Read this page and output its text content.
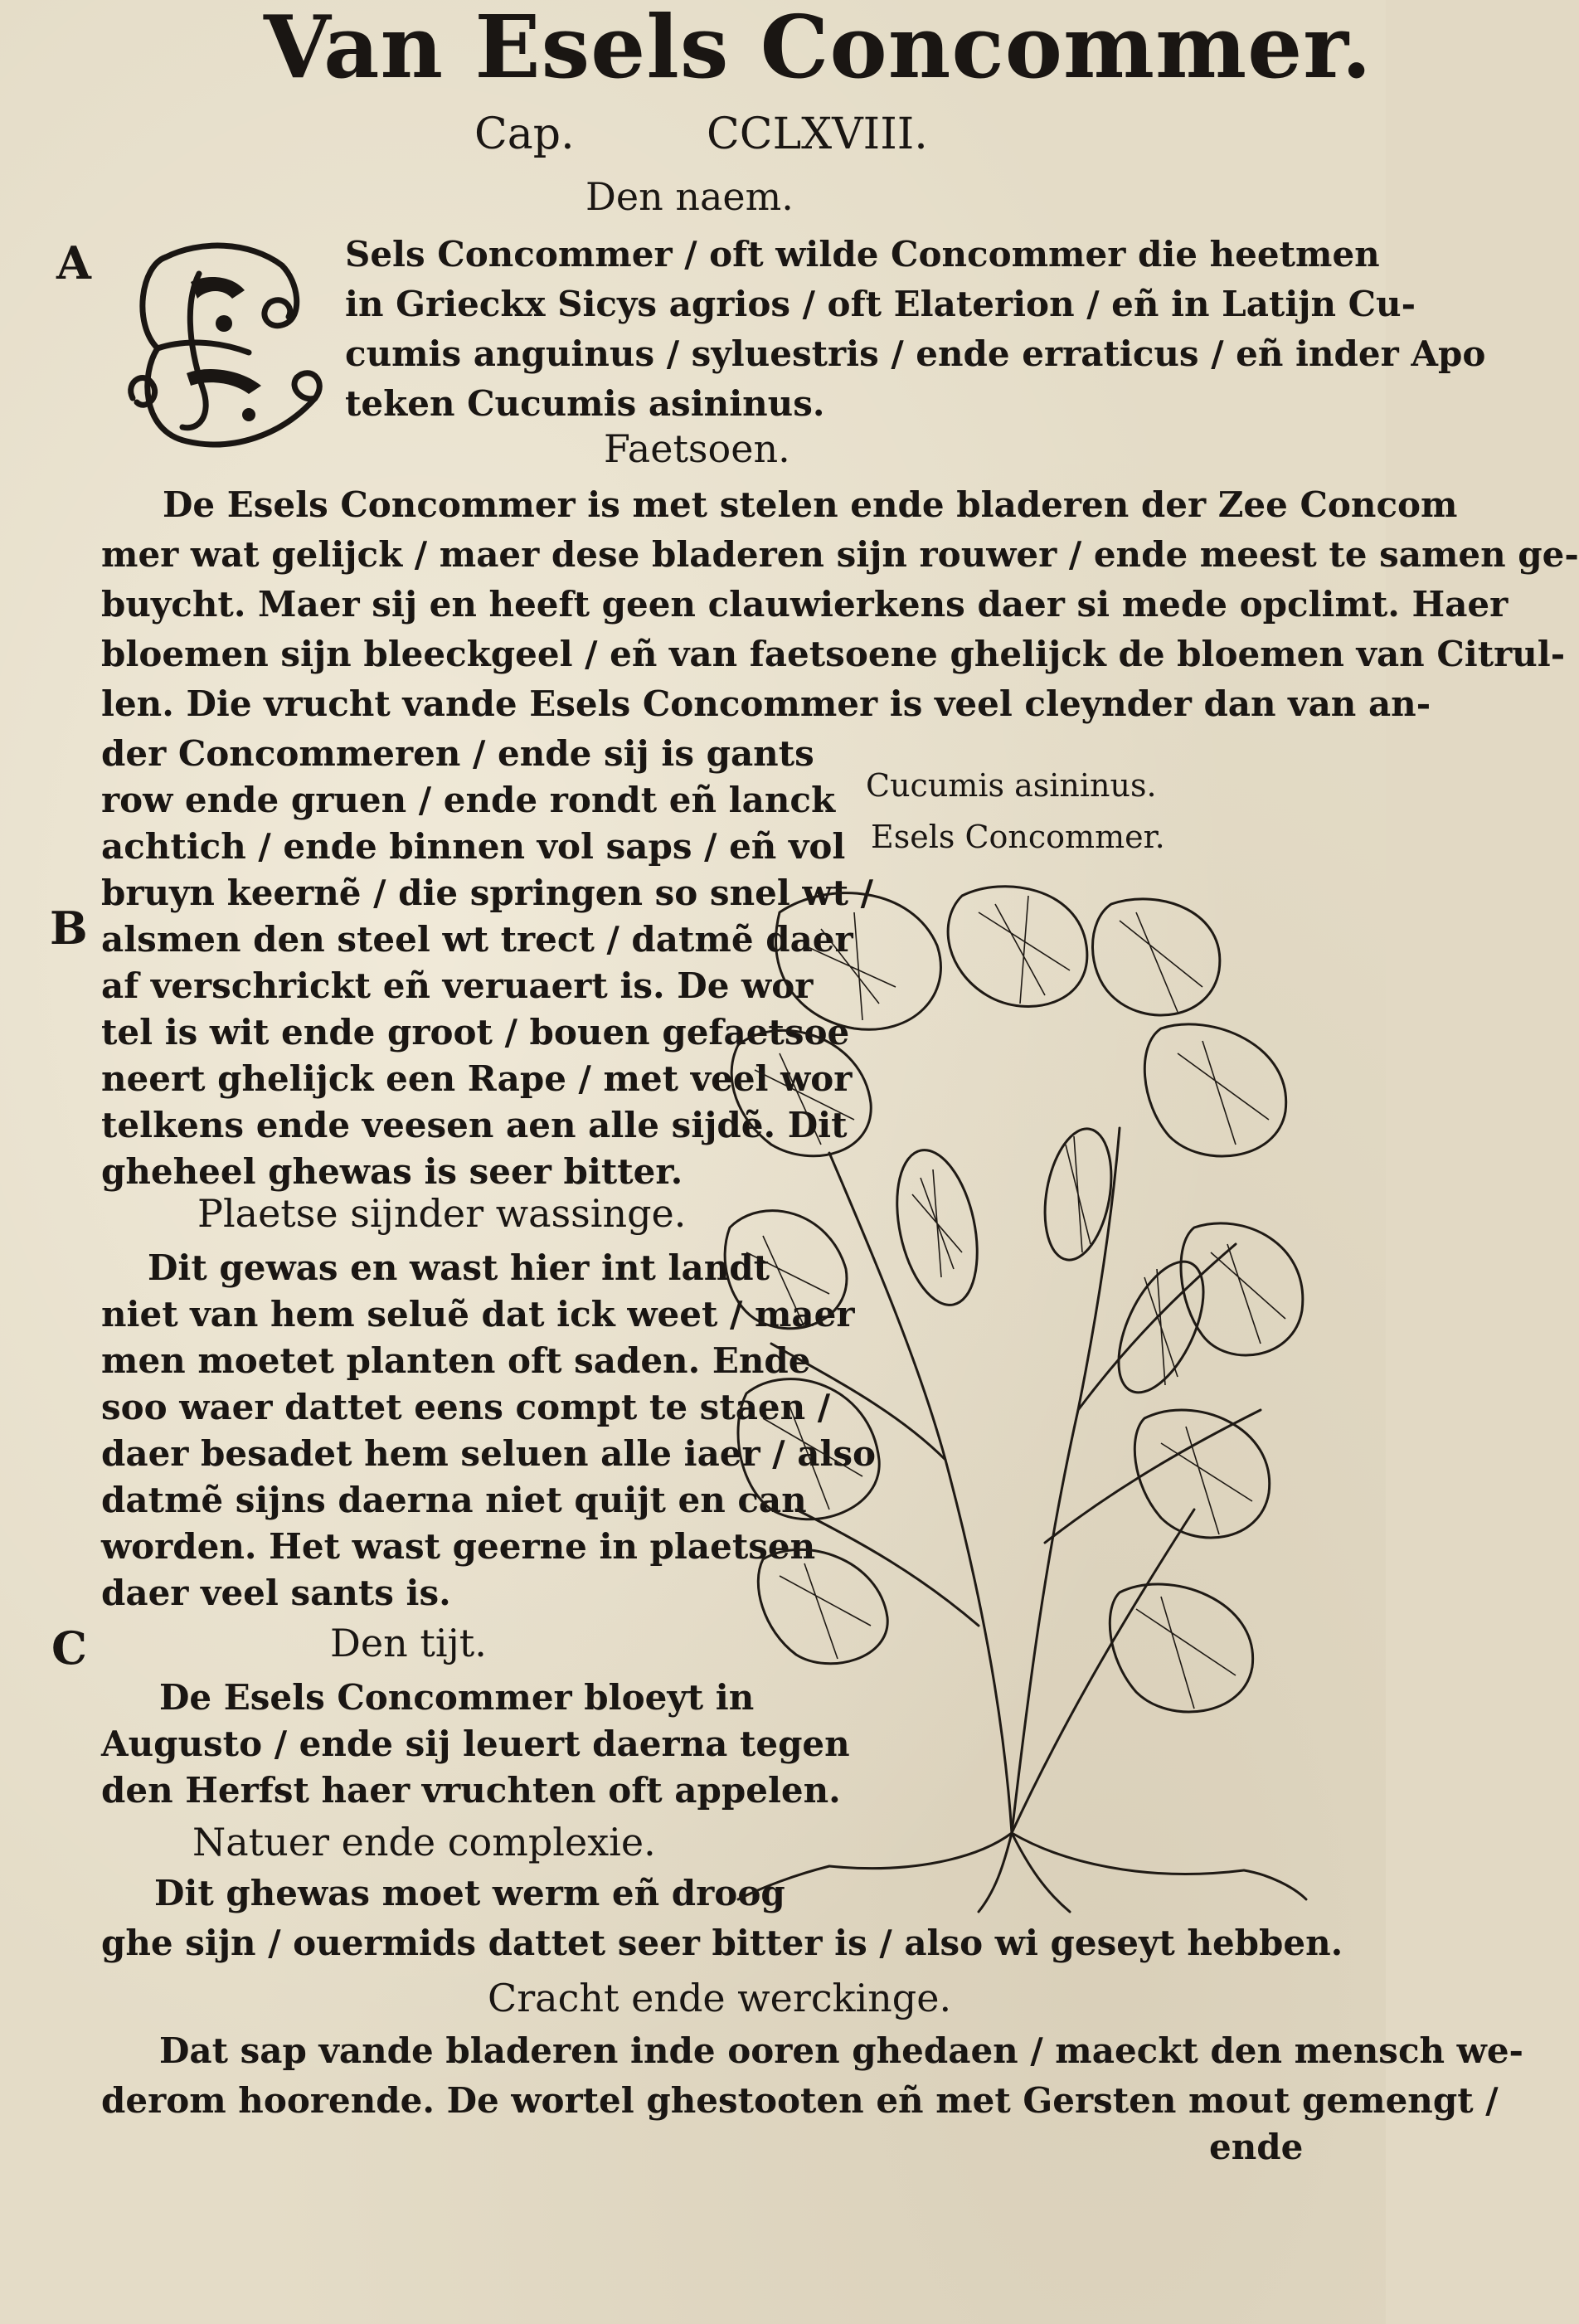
Van Esels Concommer.
Cap.	CCLXVIII.
Den naem.
A
B
C
Sels Concommer / oft wilde Concommer die heetmen
in Grieckx Sicys agrios / oft Elaterion / eñ in Latijn Cu-
cumis anguinus / syluestris / ende erraticus / eñ inder Apo
teken Cucumis asininus.
Faetsoen.
De Esels Concommer is met stelen ende bladeren der Zee Concom
mer wat gelijck / maer dese bladeren sijn rouwer / ende meest te samen ge-
buycht. Maer sij en heeft geen clauwierkens daer si mede opclimt. Haer
bloemen sijn bleeckgeel / eñ van faetsoene ghelijck de bloemen van Citrul-
len. Die vrucht vande Esels Concommer is veel cleynder dan van an-
der Concommeren / ende sij is gants
row ende gruen / ende rondt eñ lanck
achtich / ende binnen vol saps / eñ vol
bruyn keernẽ / die springen so snel wt /
alsmen den steel wt trect / datmẽ daer
af verschrickt eñ veruaert is. De wor
tel is wit ende groot / bouen gefaetsoe
neert ghelijck een Rape / met veel wor
telkens ende veesen aen alle sijdẽ. Dit
gheheel ghewas is seer bitter.
Plaetse sijnder wassinge.
Dit gewas en wast hier int landt
niet van hem seluẽ dat ick weet / maer
men moetet planten oft saden. Ende
soo waer dattet eens compt te staen /
daer besadet hem seluen alle iaer / also
datmẽ sijns daerna niet quijt en can
worden. Het wast geerne in plaetsen
daer veel sants is.
Den tijt.
De Esels Concommer bloeyt in
Augusto / ende sij leuert daerna tegen
den Herfst haer vruchten oft appelen.
Natuer ende complexie.
Dit ghewas moet werm eñ droog
ghe sijn / ouermids dattet seer bitter is / also wi geseyt hebben.
Cracht ende werckinge.
Dat sap vande bladeren inde ooren ghedaen / maeckt den mensch we-
derom hoorende. De wortel ghestooten eñ met Gersten mout gemengt /
ende
Cucumis asininus.
Esels Concommer.
